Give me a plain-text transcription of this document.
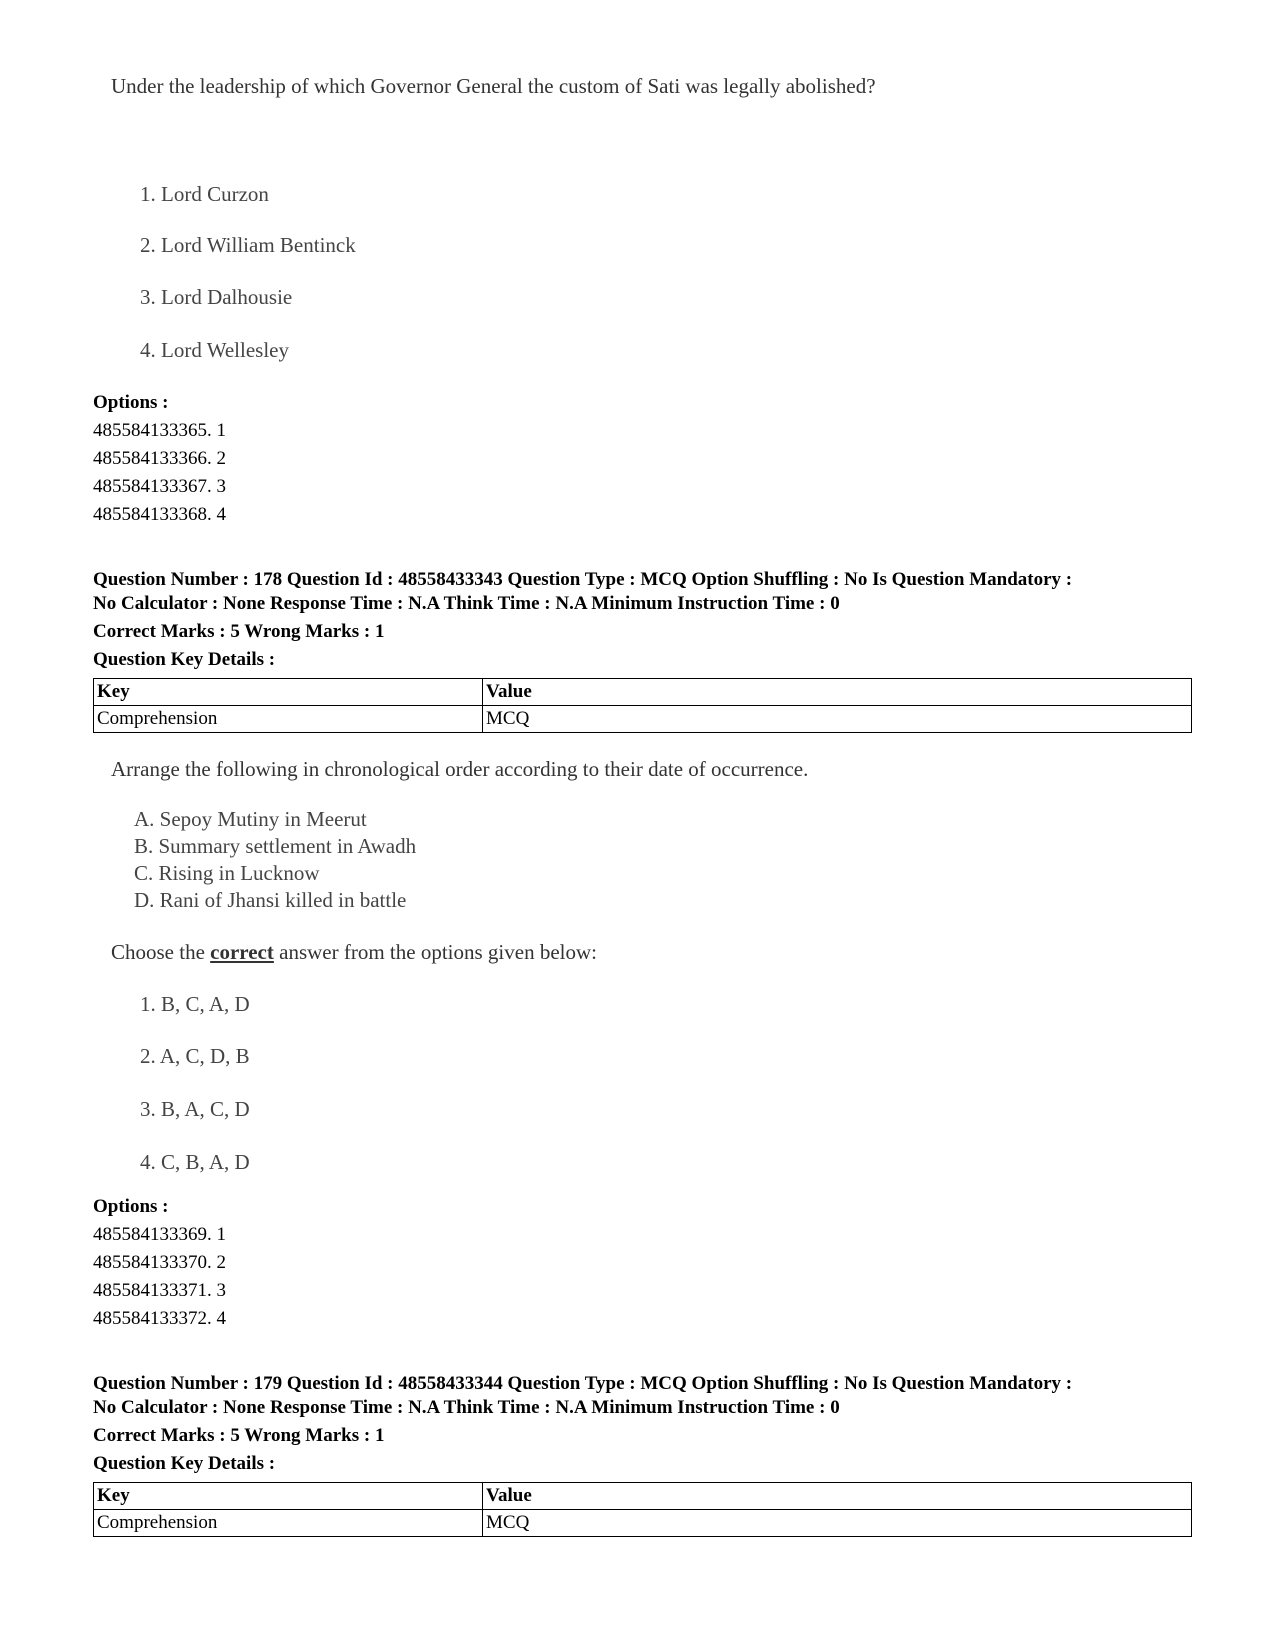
Under the leadership of which Governor General the custom of Sati was legally abolished?
1. Lord Curzon
2. Lord William Bentinck
3. Lord Dalhousie
4. Lord Wellesley
Options :
485584133365. 1
485584133366. 2
485584133367. 3
485584133368. 4
Question Number : 178 Question Id : 48558433343 Question Type : MCQ Option Shuffling : No Is Question Mandatory :
No Calculator : None Response Time : N.A Think Time : N.A Minimum Instruction Time : 0
Correct Marks : 5 Wrong Marks : 1
Question Key Details :
Key	Value
Comprehension	MCQ
Arrange the following in chronological order according to their date of occurrence.
A. Sepoy Mutiny in Meerut
B. Summary settlement in Awadh
C. Rising in Lucknow
D. Rani of Jhansi killed in battle
Choose the correct answer from the options given below:
1. B, C, A, D
2. A, C, D, B
3. B, A, C, D
4. C, B, A, D
Options :
485584133369. 1
485584133370. 2
485584133371. 3
485584133372. 4
Question Number : 179 Question Id : 48558433344 Question Type : MCQ Option Shuffling : No Is Question Mandatory :
No Calculator : None Response Time : N.A Think Time : N.A Minimum Instruction Time : 0
Correct Marks : 5 Wrong Marks : 1
Question Key Details :
Key	Value
Comprehension	MCQ
